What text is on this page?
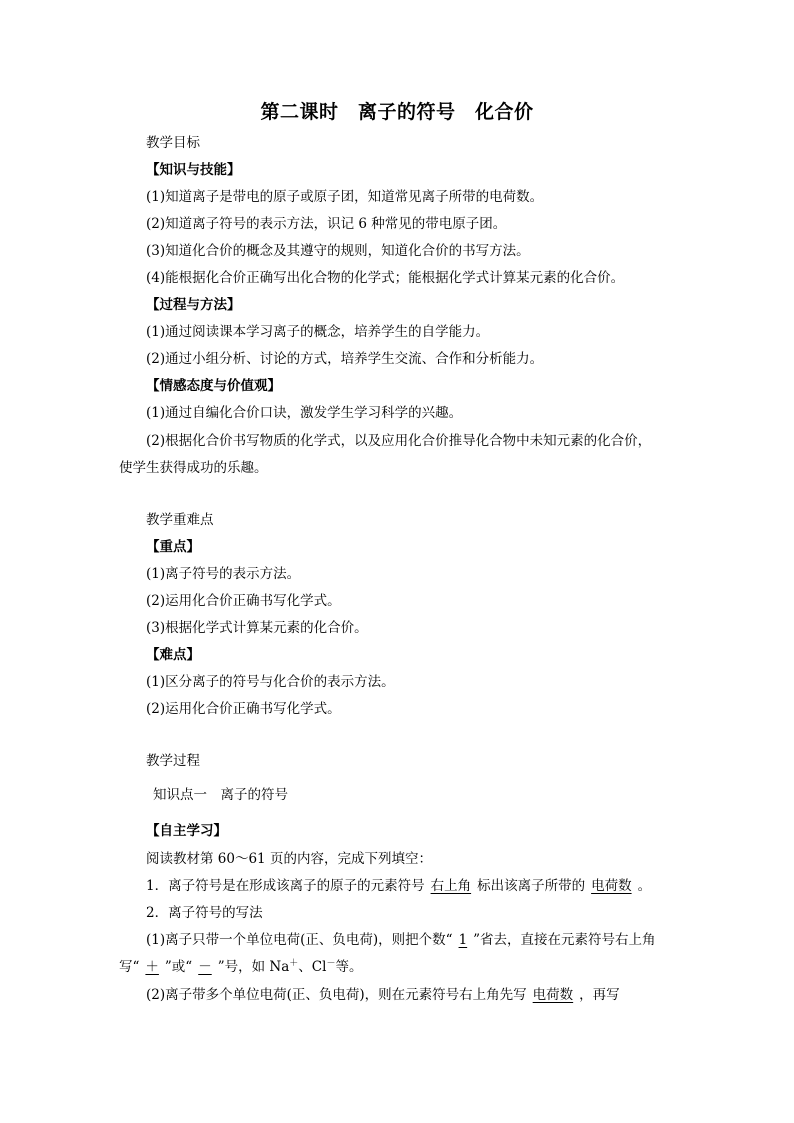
第二课时　离子的符号　化合价
教学目标
【知识与技能】
(1)知道离子是带电的原子或原子团，知道常见离子所带的电荷数。
(2)知道离子符号的表示方法，识记 6 种常见的带电原子团。
(3)知道化合价的概念及其遵守的规则，知道化合价的书写方法。
(4)能根据化合价正确写出化合物的化学式；能根据化学式计算某元素的化合价。
【过程与方法】
(1)通过阅读课本学习离子的概念，培养学生的自学能力。
(2)通过小组分析、讨论的方式，培养学生交流、合作和分析能力。
【情感态度与价值观】
(1)通过自编化合价口诀，激发学生学习科学的兴趣。
(2)根据化合价书写物质的化学式，以及应用化合价推导化合物中未知元素的化合价，
使学生获得成功的乐趣。
教学重难点
【重点】
(1)离子符号的表示方法。
(2)运用化合价正确书写化学式。
(3)根据化学式计算某元素的化合价。
【难点】
(1)区分离子的符号与化合价的表示方法。
(2)运用化合价正确书写化学式。
教学过程
知识点一　离子的符号
【自主学习】
阅读教材第 60～61 页的内容，完成下列填空：
1．离子符号是在形成该离子的原子的元素符号 右上角 标出该离子所带的 电荷数 。
2．离子符号的写法
(1)离子只带一个单位电荷(正、负电荷)，则把个数“ 1 ”省去，直接在元素符号右上角
写“ ＋ ”或“ － ”号，如 Na＋、Cl－等。
(2)离子带多个单位电荷(正、负电荷)，则在元素符号右上角先写 电荷数 ，再写
